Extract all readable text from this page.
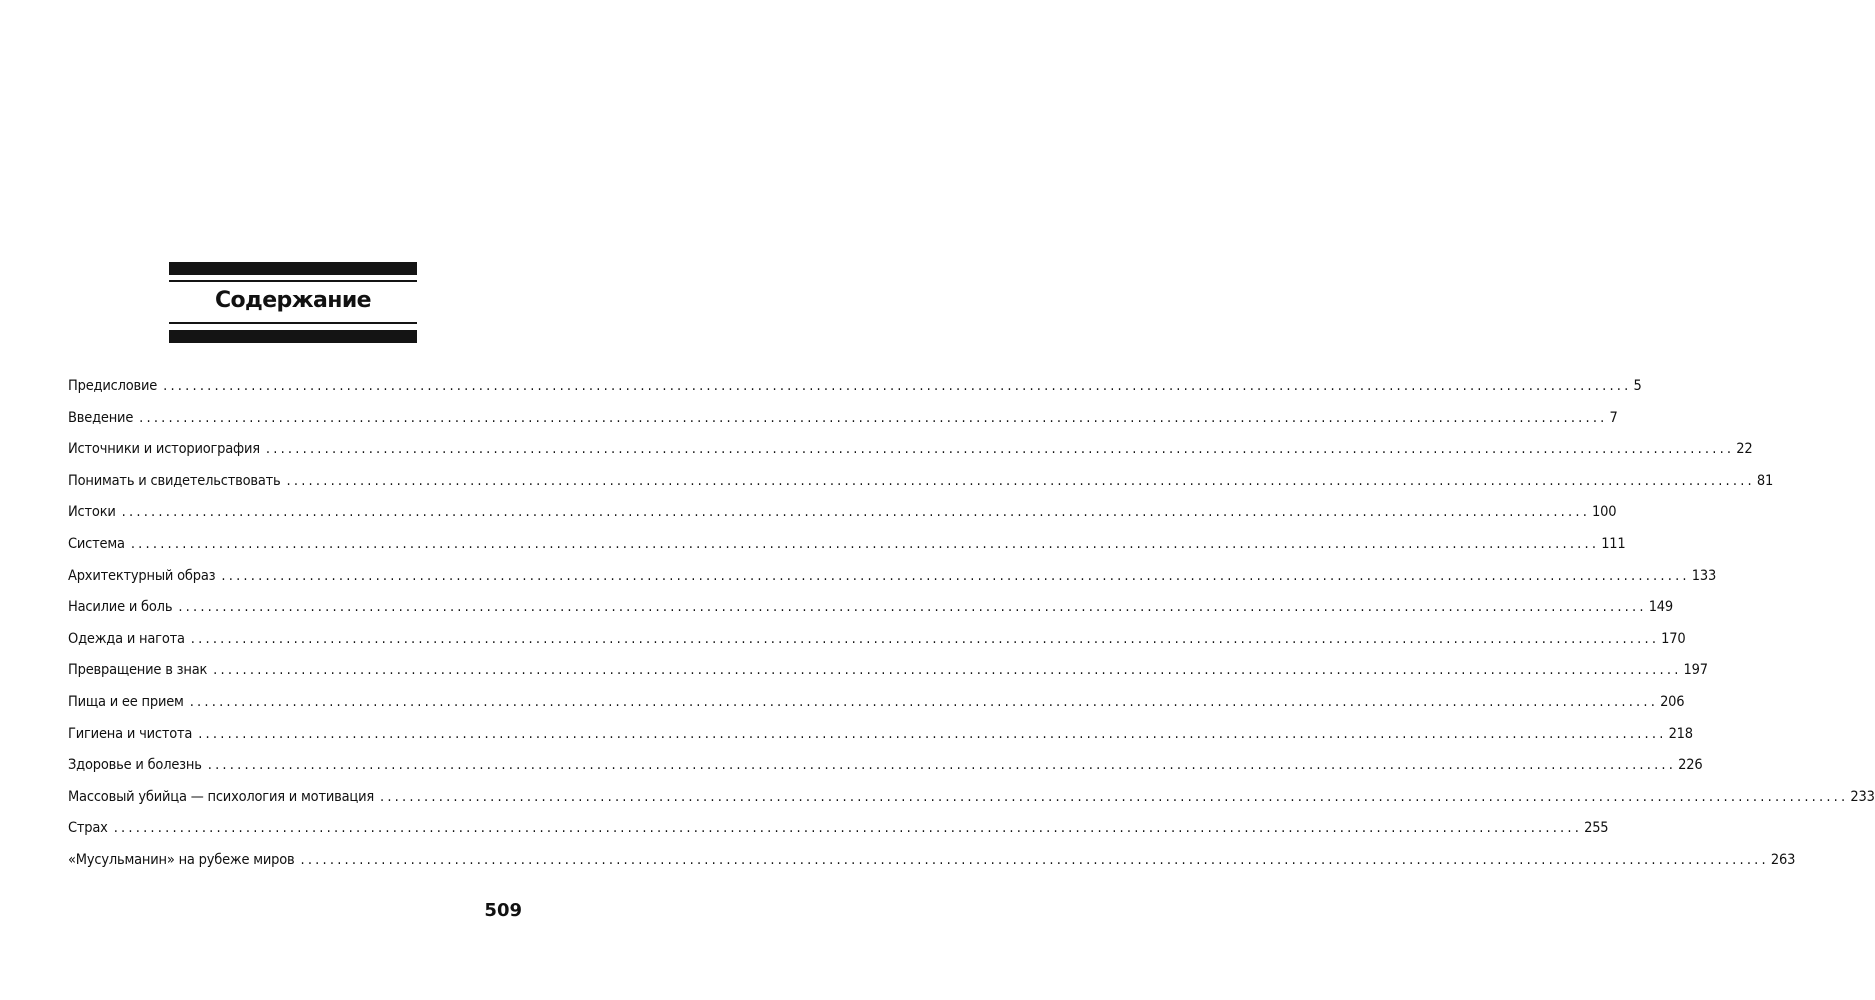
Содержание
Предисловие ........................................................................................................................................................................................................ 5
Введение ........................................................................................................................................................................................................ 7
Источники и историография ........................................................................................................................................................................................................ 22
Понимать и свидетельствовать ........................................................................................................................................................................................................ 81
Истоки ........................................................................................................................................................................................................ 100
Система ........................................................................................................................................................................................................ 111
Архитектурный образ ........................................................................................................................................................................................................ 133
Насилие и боль ........................................................................................................................................................................................................ 149
Одежда и нагота ........................................................................................................................................................................................................ 170
Превращение в знак ........................................................................................................................................................................................................ 197
Пища и ее прием ........................................................................................................................................................................................................ 206
Гигиена и чистота ........................................................................................................................................................................................................ 218
Здоровье и болезнь ........................................................................................................................................................................................................ 226
Массовый убийца — психология и мотивация ........................................................................................................................................................................................................ 233
Страх ........................................................................................................................................................................................................ 255
«Мусульманин» на рубеже миров ........................................................................................................................................................................................................ 263
509
